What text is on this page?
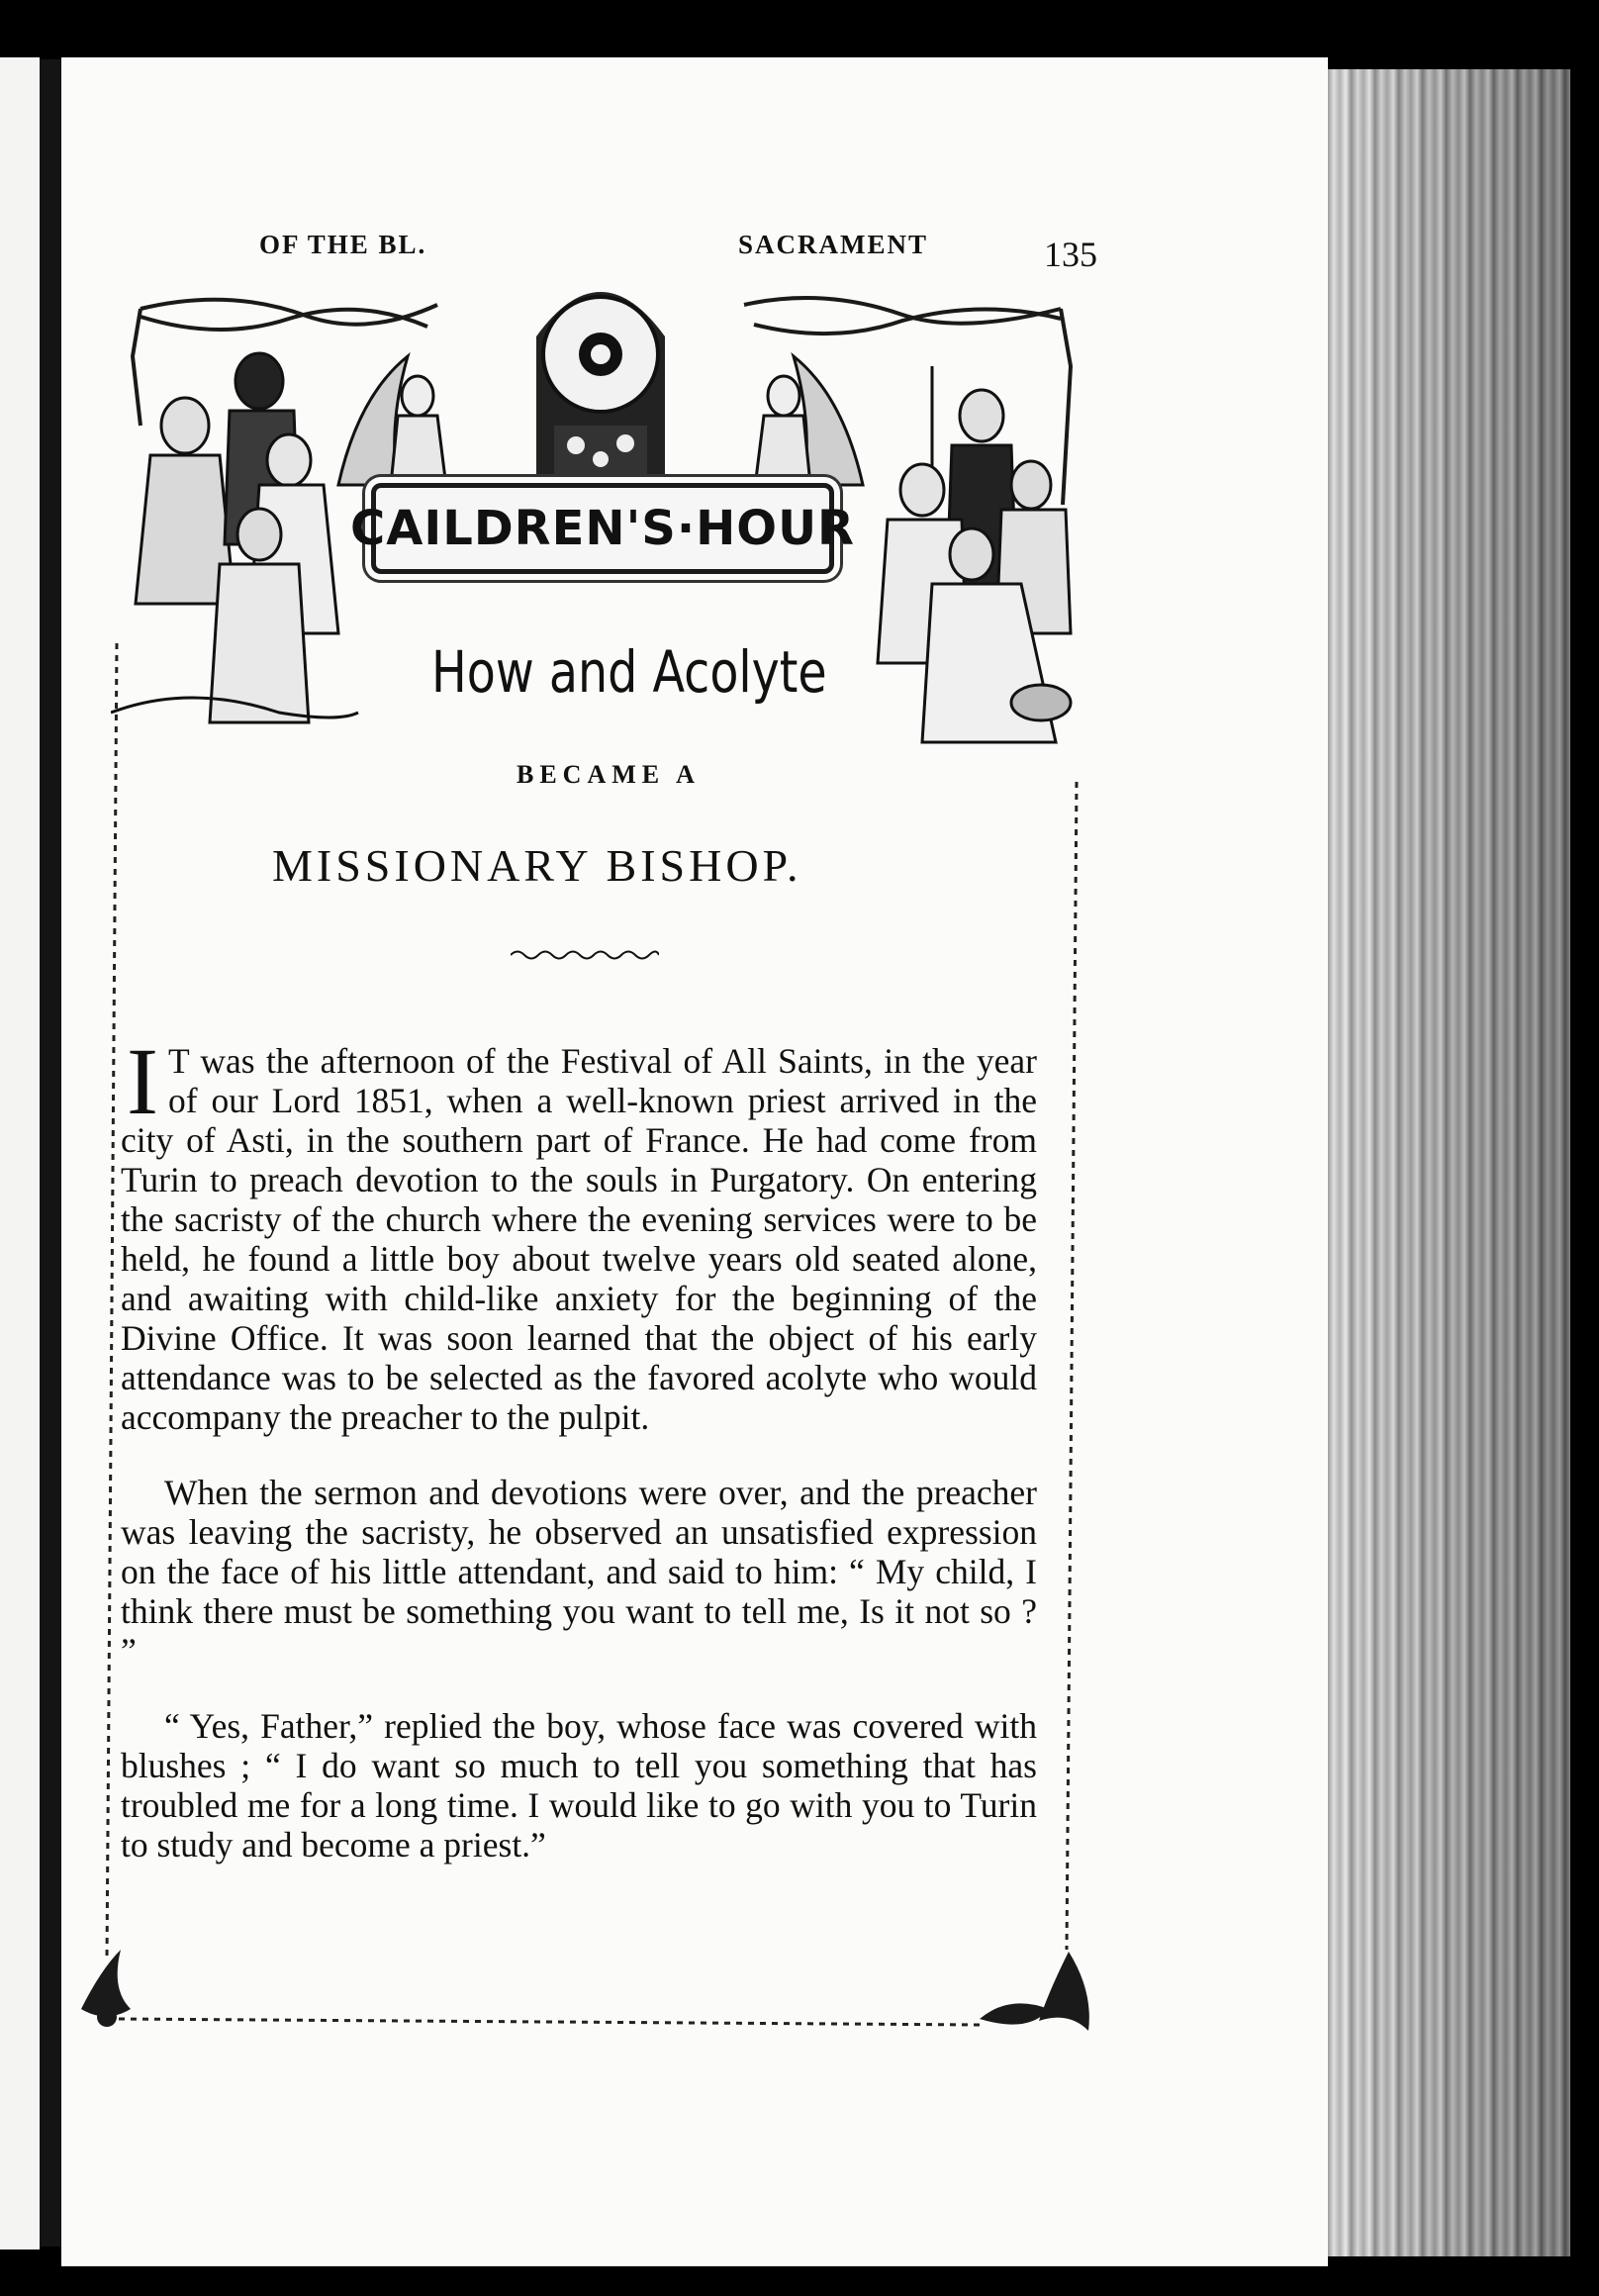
OF THE BL.	SACRAMENT	135
CAILDREN'S·HOUR
How and Acolyte
BECAME A
MISSIONARY BISHOP.

I T was the afternoon of the Festival of All Saints, in the year of our Lord 1851, when a well-known priest arrived in the city of Asti, in the southern part of France. He had come from Turin to preach devotion to the souls in Purgatory. On entering the sacristy of the church where the evening services were to be held, he found a little boy about twelve years old seated alone, and awaiting with child-like anxiety for the beginning of the Divine Office. It was soon learned that the object of his early attendance was to be selected as the favored acolyte who would accompany the preacher to the pulpit.

When the sermon and devotions were over, and the preacher was leaving the sacristy, he observed an unsatisfied expression on the face of his little attendant, and said to him: “ My child, I think there must be something you want to tell me, Is it not so ? ”

“ Yes, Father,” replied the boy, whose face was covered with blushes ; “ I do want so much to tell you something that has troubled me for a long time. I would like to go with you to Turin to study and become a priest.”
